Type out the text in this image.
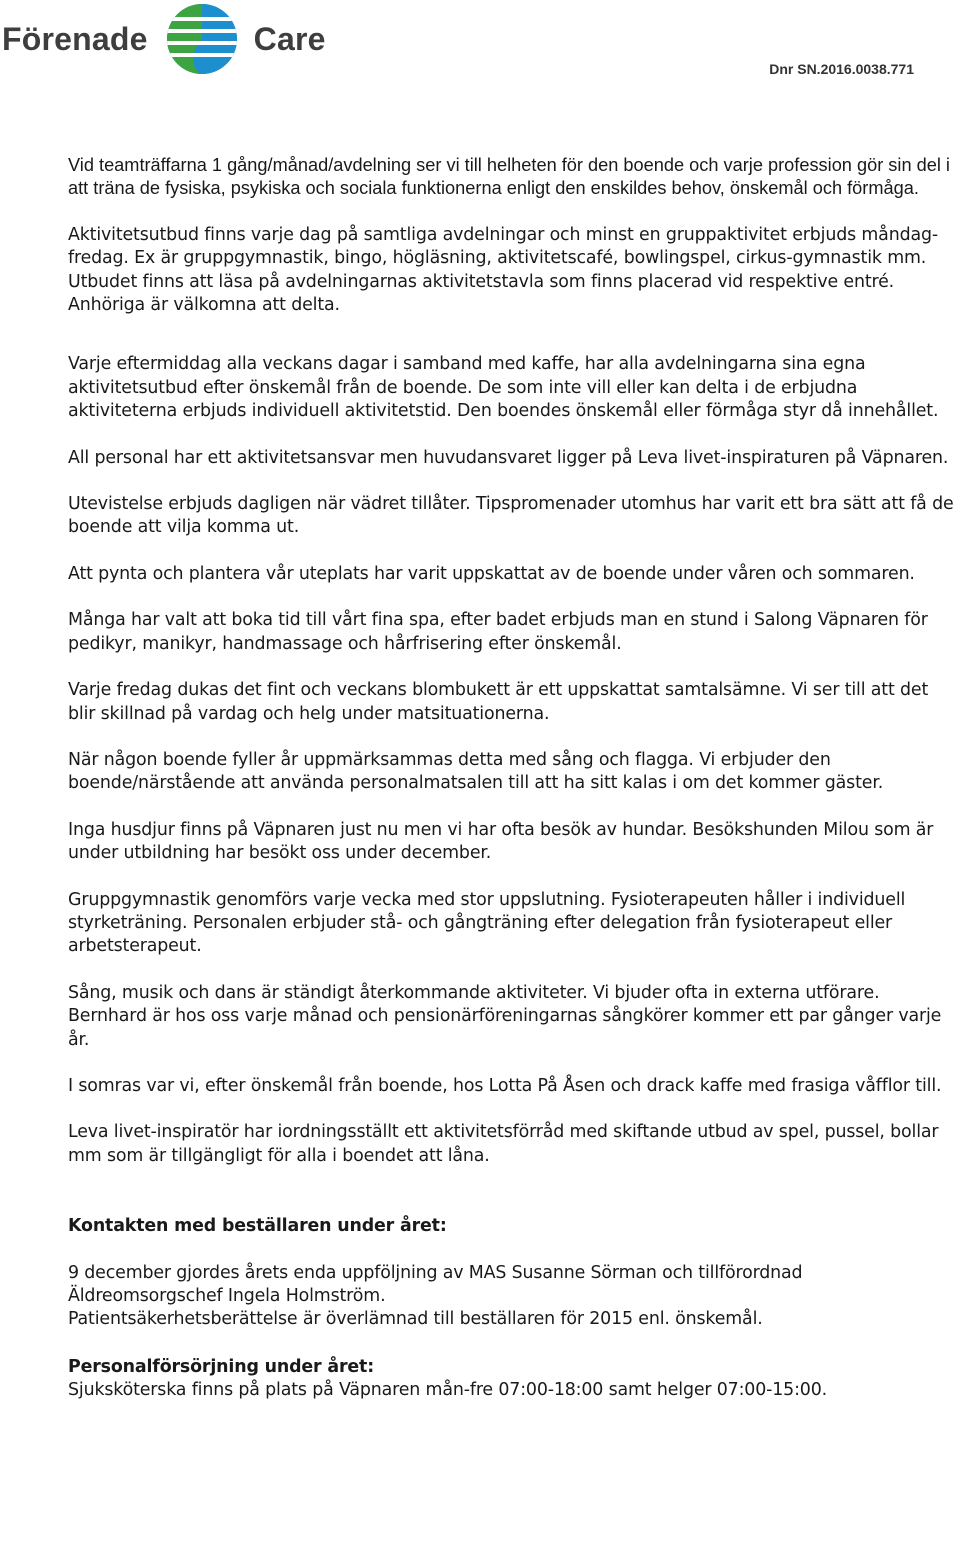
Förenade	Care
Dnr SN.2016.0038.771

Vid teamträffarna 1 gång/månad/avdelning ser vi till helheten för den boende och varje profession gör sin del i att träna de fysiska, psykiska och sociala funktionerna enligt den enskildes behov, önskemål och förmåga.

Aktivitetsutbud finns varje dag på samtliga avdelningar och minst en gruppaktivitet erbjuds måndag-fredag. Ex är gruppgymnastik, bingo, högläsning, aktivitetscafé, bowlingspel, cirkus-gymnastik mm. Utbudet finns att läsa på avdelningarnas aktivitetstavla som finns placerad vid respektive entré. Anhöriga är välkomna att delta.

Varje eftermiddag alla veckans dagar i samband med kaffe, har alla avdelningarna sina egna aktivitetsutbud efter önskemål från de boende. De som inte vill eller kan delta i de erbjudna aktiviteterna erbjuds individuell aktivitetstid. Den boendes önskemål eller förmåga styr då innehållet.

All personal har ett aktivitetsansvar men huvudansvaret ligger på Leva livet-inspiraturen på Väpnaren.

Utevistelse erbjuds dagligen när vädret tillåter. Tipspromenader utomhus har varit ett bra sätt att få de boende att vilja komma ut.

Att pynta och plantera vår uteplats har varit uppskattat av de boende under våren och sommaren.

Många har valt att boka tid till vårt fina spa, efter badet erbjuds man en stund i Salong Väpnaren för pedikyr, manikyr, handmassage och hårfrisering efter önskemål.

Varje fredag dukas det fint och veckans blombukett är ett uppskattat samtalsämne. Vi ser till att det blir skillnad på vardag och helg under matsituationerna.

När någon boende fyller år uppmärksammas detta med sång och flagga. Vi erbjuder den boende/närstående att använda personalmatsalen till att ha sitt kalas i om det kommer gäster.

Inga husdjur finns på Väpnaren just nu men vi har ofta besök av hundar. Besökshunden Milou som är under utbildning har besökt oss under december.

Gruppgymnastik genomförs varje vecka med stor uppslutning. Fysioterapeuten håller i individuell styrketräning. Personalen erbjuder stå- och gångträning efter delegation från fysioterapeut eller arbetsterapeut.

Sång, musik och dans är ständigt återkommande aktiviteter. Vi bjuder ofta in externa utförare. Bernhard är hos oss varje månad och pensionärföreningarnas sångkörer kommer ett par gånger varje år.

I somras var vi, efter önskemål från boende, hos Lotta På Åsen och drack kaffe med frasiga våfflor till.

Leva livet-inspiratör har iordningsställt ett aktivitetsförråd med skiftande utbud av spel, pussel, bollar mm som är tillgängligt för alla i boendet att låna.

Kontakten med beställaren under året:
9 december gjordes årets enda uppföljning av MAS Susanne Sörman och tillförordnad Äldreomsorgschef Ingela Holmström.
Patientsäkerhetsberättelse är överlämnad till beställaren för 2015 enl. önskemål.
Personalförsörjning under året:
Sjuksköterska finns på plats på Väpnaren mån-fre 07:00-18:00 samt helger 07:00-15:00.
